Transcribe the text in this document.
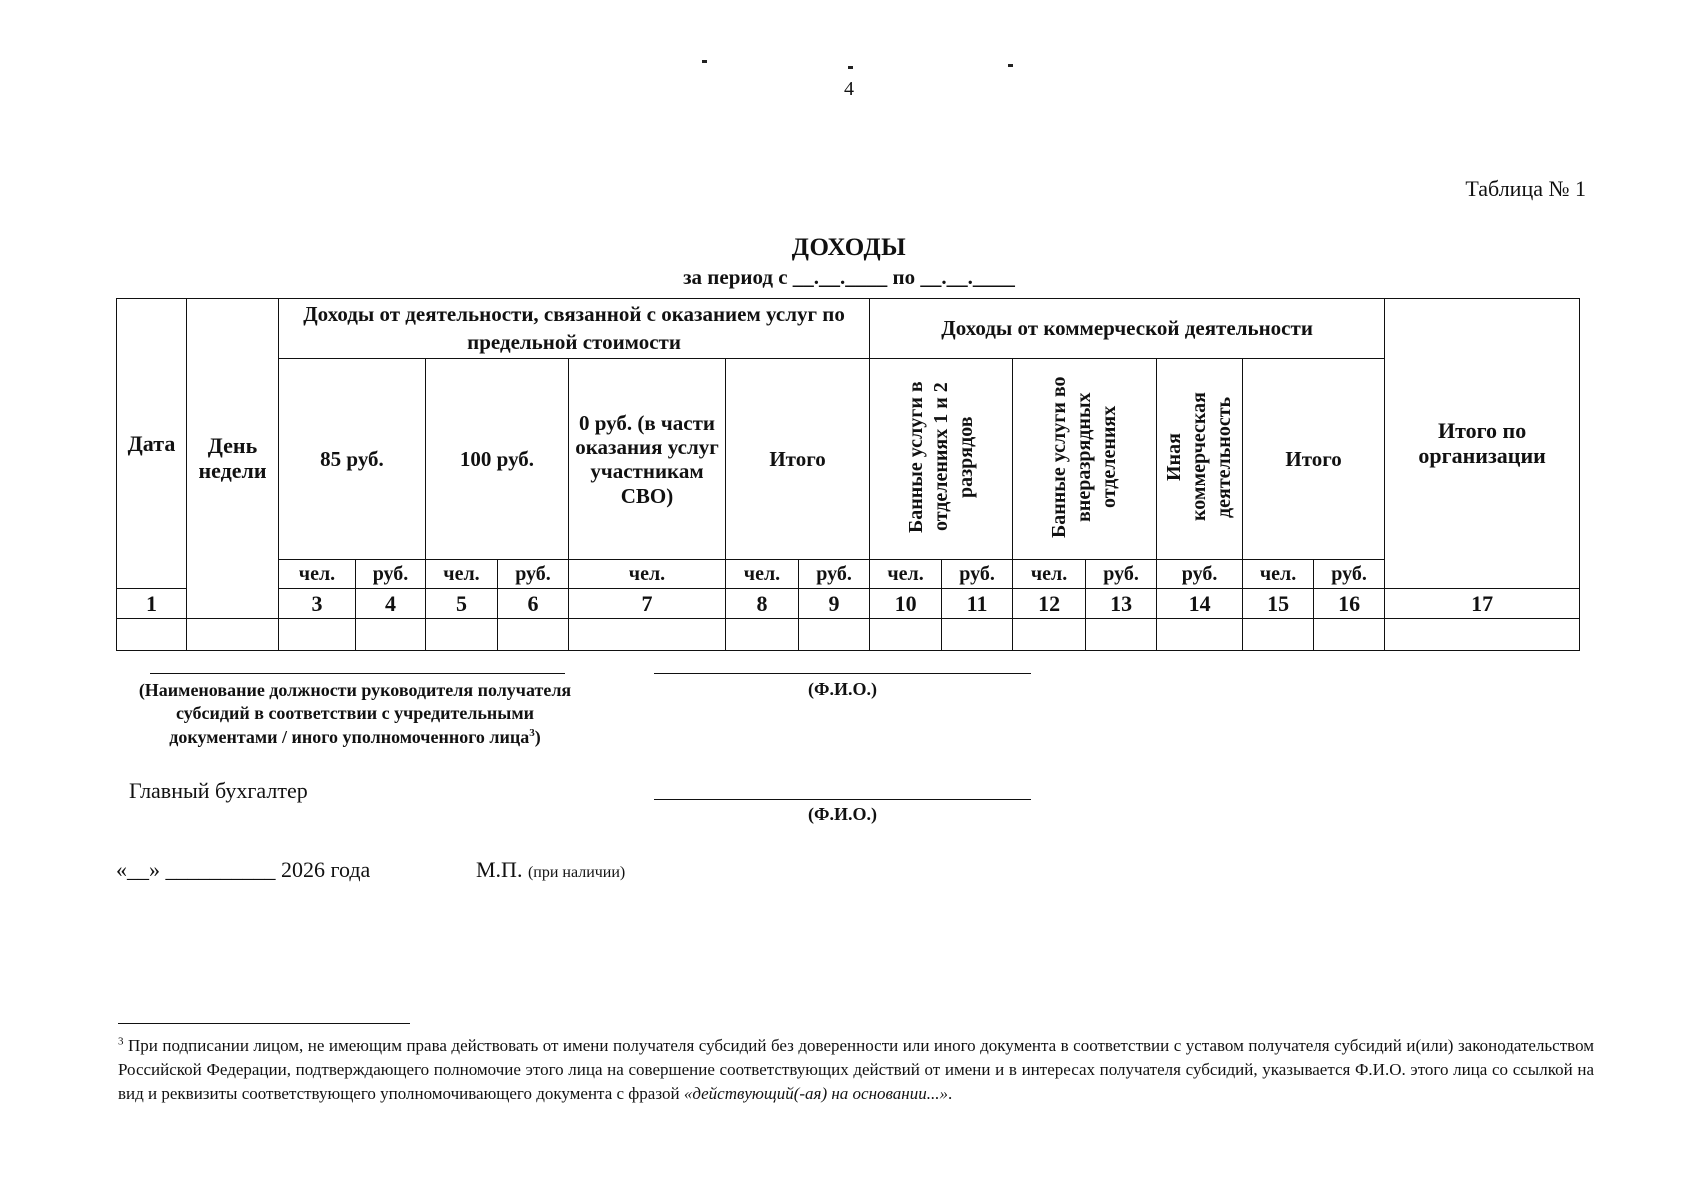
4
Таблица № 1
ДОХОДЫ
за период с __.__.____ по __.__.____
Дата	День недели	Доходы от деятельности, связанной с оказанием услуг по предельной стоимости							Доходы от коммерческой деятельности							Итого по организации
		85 руб.		100 руб.		0 руб. (в части оказания услуг участникам СВО)	Итого		Банные услуги в отделениях 1 и 2 разрядов		Банные услуги во внеразрядных отделениях		Иная коммерческая деятельность	Итого		
		чел.	руб.	чел.	руб.	чел.	чел.	руб.	чел.	руб.	чел.	руб.	руб.	чел.	руб.	
1		3	4	5	6	7	8	9	10	11	12	13	14	15	16	17

(Наименование должности руководителя получателя субсидий в соответствии с учредительными документами / иного уполномоченного лица$^3$)
(Ф.И.О.)
Главный бухгалтер
(Ф.И.О.)
«__» __________ 2026 года	М.П. (при наличии)
$^3$ При подписании лицом, не имеющим права действовать от имени получателя субсидий без доверенности или иного документа в соответствии с уставом получателя субсидий и(или) законодательством Российской Федерации, подтверждающего полномочие этого лица на совершение соответствующих действий от имени и в интересах получателя субсидий, указывается Ф.И.О. этого лица со ссылкой на вид и реквизиты соответствующего уполномочивающего документа с фразой «действующий(-ая) на основании...».
